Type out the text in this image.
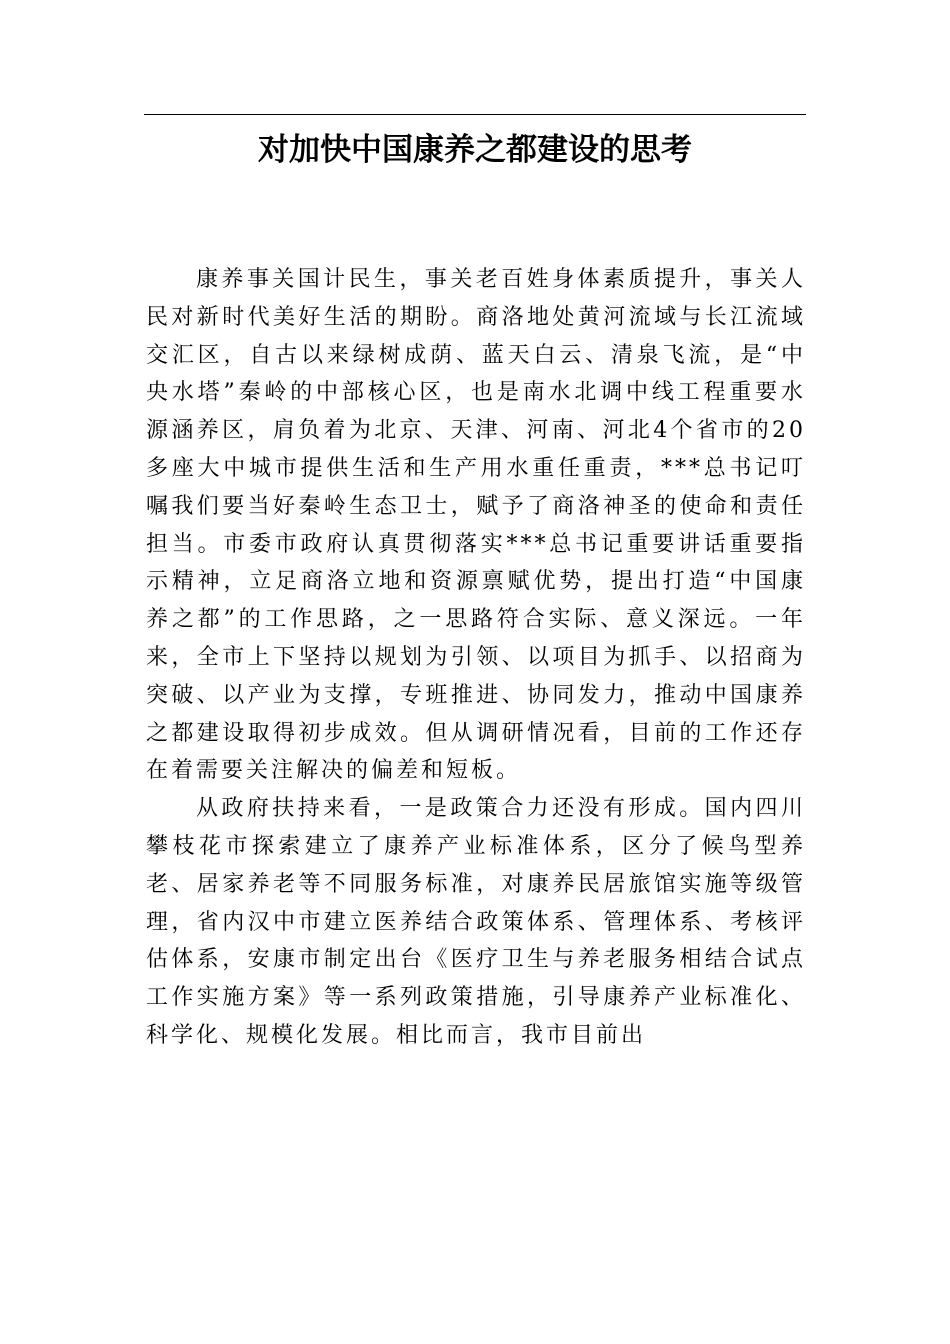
对加快中国康养之都建设的思考

康养事关国计民生，事关老百姓身体素质提升，事关人民对新时代美好生活的期盼。商洛地处黄河流域与长江流域交汇区，自古以来绿树成荫、蓝天白云、清泉飞流，是“中央水塔”秦岭的中部核心区，也是南水北调中线工程重要水源涵养区，肩负着为北京、天津、河南、河北4个省市的20多座大中城市提供生活和生产用水重任重责，***总书记叮嘱我们要当好秦岭生态卫士，赋予了商洛神圣的使命和责任担当。市委市政府认真贯彻落实***总书记重要讲话重要指示精神，立足商洛立地和资源禀赋优势，提出打造“中国康养之都”的工作思路，之一思路符合实际、意义深远。一年来，全市上下坚持以规划为引领、以项目为抓手、以招商为突破、以产业为支撑，专班推进、协同发力，推动中国康养之都建设取得初步成效。但从调研情况看，目前的工作还存在着需要关注解决的偏差和短板。

从政府扶持来看，一是政策合力还没有形成。国内四川攀枝花市探索建立了康养产业标准体系，区分了候鸟型养老、居家养老等不同服务标准，对康养民居旅馆实施等级管理，省内汉中市建立医养结合政策体系、管理体系、考核评估体系，安康市制定出台《医疗卫生与养老服务相结合试点工作实施方案》等一系列政策措施，引导康养产业标准化、科学化、规模化发展。相比而言，我市目前出
